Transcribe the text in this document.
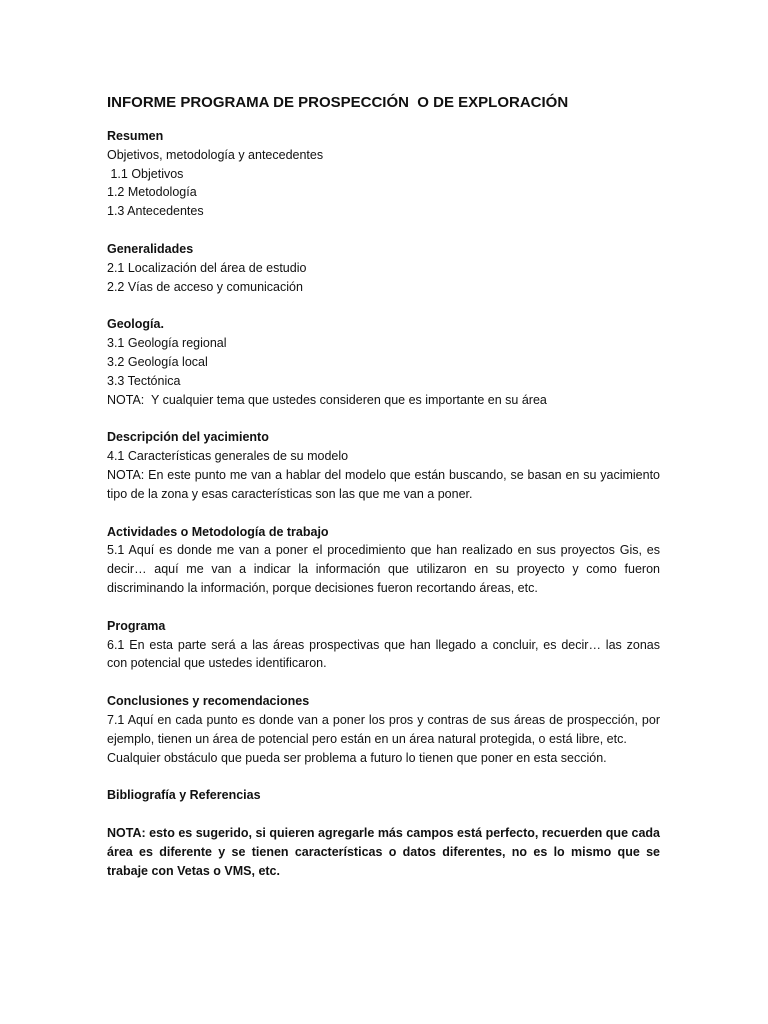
INFORME PROGRAMA DE PROSPECCIÓN  O DE EXPLORACIÓN

Resumen

Objetivos, metodología y antecedentes

1.1 Objetivos

1.2 Metodología

1.3 Antecedentes

Generalidades

2.1 Localización del área de estudio

2.2 Vías de acceso y comunicación

Geología.

3.1 Geología regional

3.2 Geología local

3.3 Tectónica

NOTA:  Y cualquier tema que ustedes consideren que es importante en su área

Descripción del yacimiento

4.1 Características generales de su modelo

NOTA: En este punto me van a hablar del modelo que están buscando, se basan en su yacimiento tipo de la zona y esas características son las que me van a poner.

Actividades o Metodología de trabajo

5.1 Aquí es donde me van a poner el procedimiento que han realizado en sus proyectos Gis, es decir… aquí me van a indicar la información que utilizaron en su proyecto y como fueron discriminando la información, porque decisiones fueron recortando áreas, etc.

Programa

6.1 En esta parte será a las áreas prospectivas que han llegado a concluir, es decir… las zonas con potencial que ustedes identificaron.

Conclusiones y recomendaciones

7.1 Aquí en cada punto es donde van a poner los pros y contras de sus áreas de prospección, por ejemplo, tienen un área de potencial pero están en un área natural protegida, o está libre, etc.

Cualquier obstáculo que pueda ser problema a futuro lo tienen que poner en esta sección.

Bibliografía y Referencias

NOTA: esto es sugerido, si quieren agregarle más campos está perfecto, recuerden que cada área es diferente y se tienen características o datos diferentes, no es lo mismo que se trabaje con Vetas o VMS, etc.
